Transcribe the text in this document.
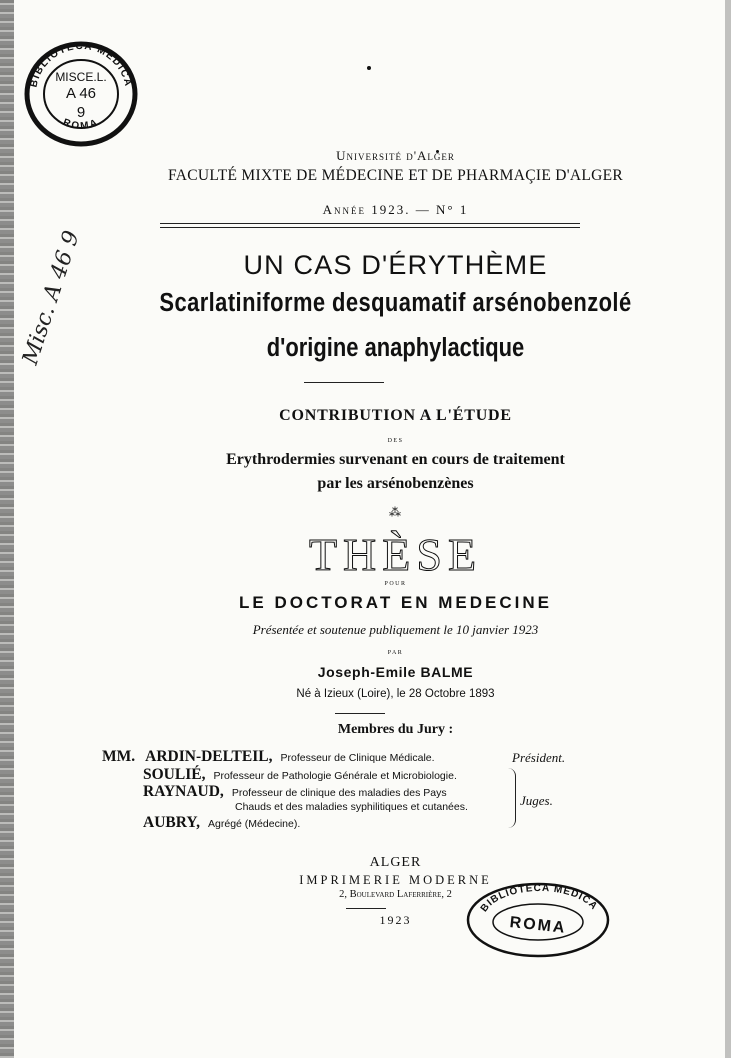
BIBLIOTECA MEDICA
ROMA
MISCE.L.
A 46
9
Misc. A 46 9
Université d'Alger
FACULTÉ MIXTE DE MÉDECINE ET DE PHARMAÇIE D'ALGER
Année 1923. — N° 1
UN CAS D'ÉRYTHÈME
Scarlatiniforme desquamatif arsénobenzolé
d'origine anaphylactique
CONTRIBUTION A L'ÉTUDE
des
Erythrodermies survenant en cours de traitement
par les arsénobenzènes
⁂
THÈSE
pour
LE DOCTORAT EN MEDECINE
Présentée et soutenue publiquement le 10 janvier 1923
par
Joseph-Emile BALME
Né à Izieux (Loire), le 28 Octobre 1893
Membres du Jury :
MM. ARDIN-DELTEIL, Professeur de Clinique Médicale.	Président.
SOULIÉ, Professeur de Pathologie Générale et Microbiologie.
RAYNAUD, Professeur de clinique des maladies des Pays
Chauds et des maladies syphilitiques et cutanées.	Juges.
AUBRY, Agrégé (Médecine).
ALGER
IMPRIMERIE MODERNE
2, Boulevard Laferrière, 2
1923
BIBLIOTECA MEDICA
ROMA
